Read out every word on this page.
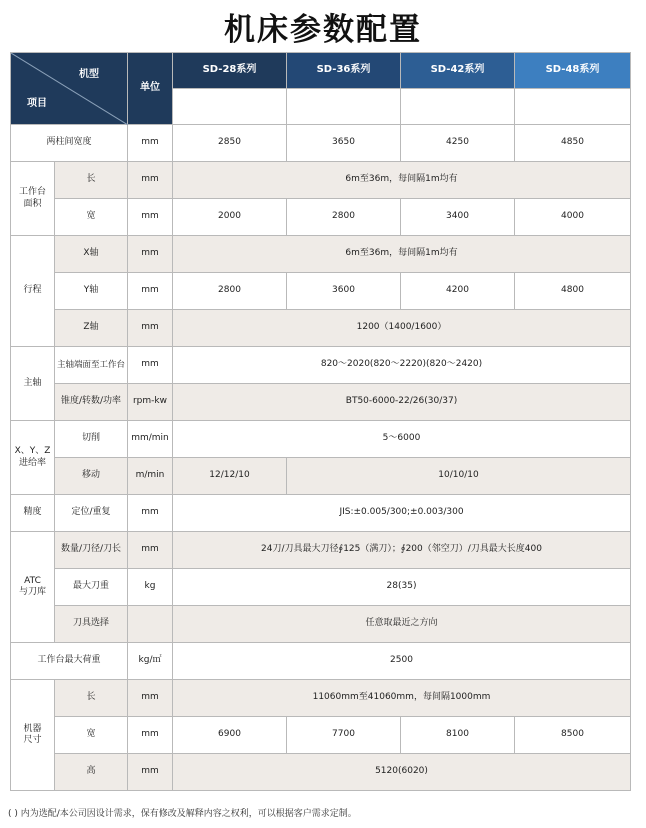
机床参数配置
机型
项目		单位	SD-28系列	SD-36系列	SD-42系列	SD-48系列

两柱间宽度		mm	2850	3650	4250	4850
工作台
面积	长	mm	6m至36m，每间隔1m均有			
	宽	mm	2000	2800	3400	4000
行程	X轴	mm	6m至36m，每间隔1m均有			
	Y轴	mm	2800	3600	4200	4800
	Z轴	mm	1200（1400/1600）			
主轴	主轴端面至工作台	mm	820～2020(820～2220)(820～2420)			
	锥度/转数/功率	rpm-kw	BT50-6000-22/26(30/37)			
X、Y、Z
进给率	切削	mm/min	5～6000			
	移动	m/min	12/12/10	10/10/10		
精度	定位/重复	mm	JIS:±0.005/300;±0.003/300			
ATC
与刀库	数量/刀径/刀长	mm	24刀/刀具最大刀径∮125（满刀）；∮200（邻空刀）/刀具最大长度400			
	最大刀重	kg	28(35)			
	刀具选择		任意取最近之方向			
工作台最大荷重		kg/㎡	2500			
机器
尺寸	长	mm	11060mm至41060mm，每间隔1000mm			
	宽	mm	6900	7700	8100	8500
	高	mm	5120(6020)			
( ) 内为选配/本公司因设计需求，保有修改及解释内容之权利，可以根据客户需求定制。
